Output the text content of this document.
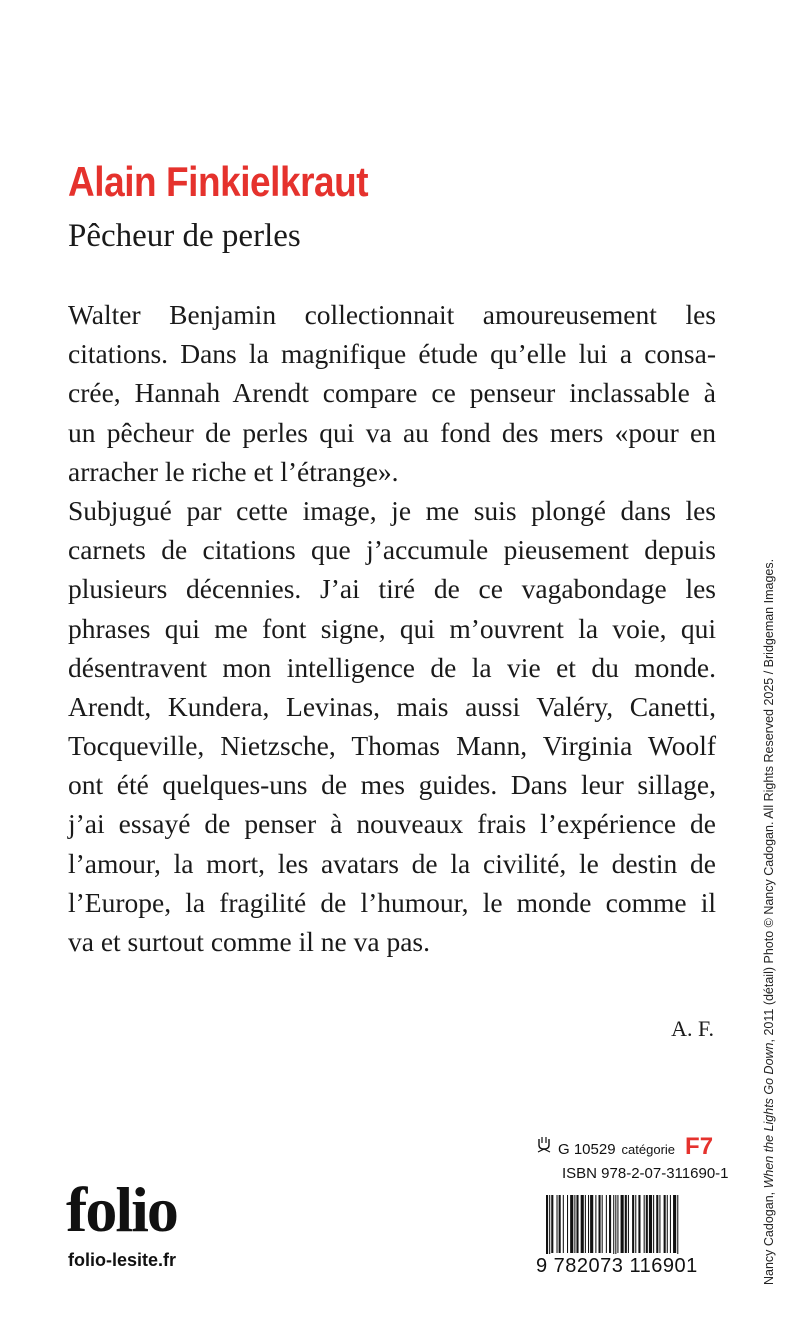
Alain Finkielkraut
Pêcheur de perles
Walter Benjamin collectionnait amoureusement les
citations. Dans la magnifique étude qu’elle lui a consa-
crée, Hannah Arendt compare ce penseur inclassable à
un pêcheur de perles qui va au fond des mers «pour en
arracher le riche et l’étrange».
Subjugué par cette image, je me suis plongé dans les
carnets de citations que j’accumule pieusement depuis
plusieurs décennies. J’ai tiré de ce vagabondage les
phrases qui me font signe, qui m’ouvrent la voie, qui
désentravent mon intelligence de la vie et du monde.
Arendt, Kundera, Levinas, mais aussi Valéry, Canetti,
Tocqueville, Nietzsche, Thomas Mann, Virginia Woolf
ont été quelques-uns de mes guides. Dans leur sillage,
j’ai essayé de penser à nouveaux frais l’expérience de
l’amour, la mort, les avatars de la civilité, le destin de
l’Europe, la fragilité de l’humour, le monde comme il
va et surtout comme il ne va pas.
A. F.
Nancy Cadogan, When the Lights Go Down, 2011 (détail) Photo © Nancy Cadogan. All Rights Reserved 2025 / Bridgeman Images.
folio
folio-lesite.fr
G 10529 catégorie F7
ISBN 978-2-07-311690-1
9 782073 116901
